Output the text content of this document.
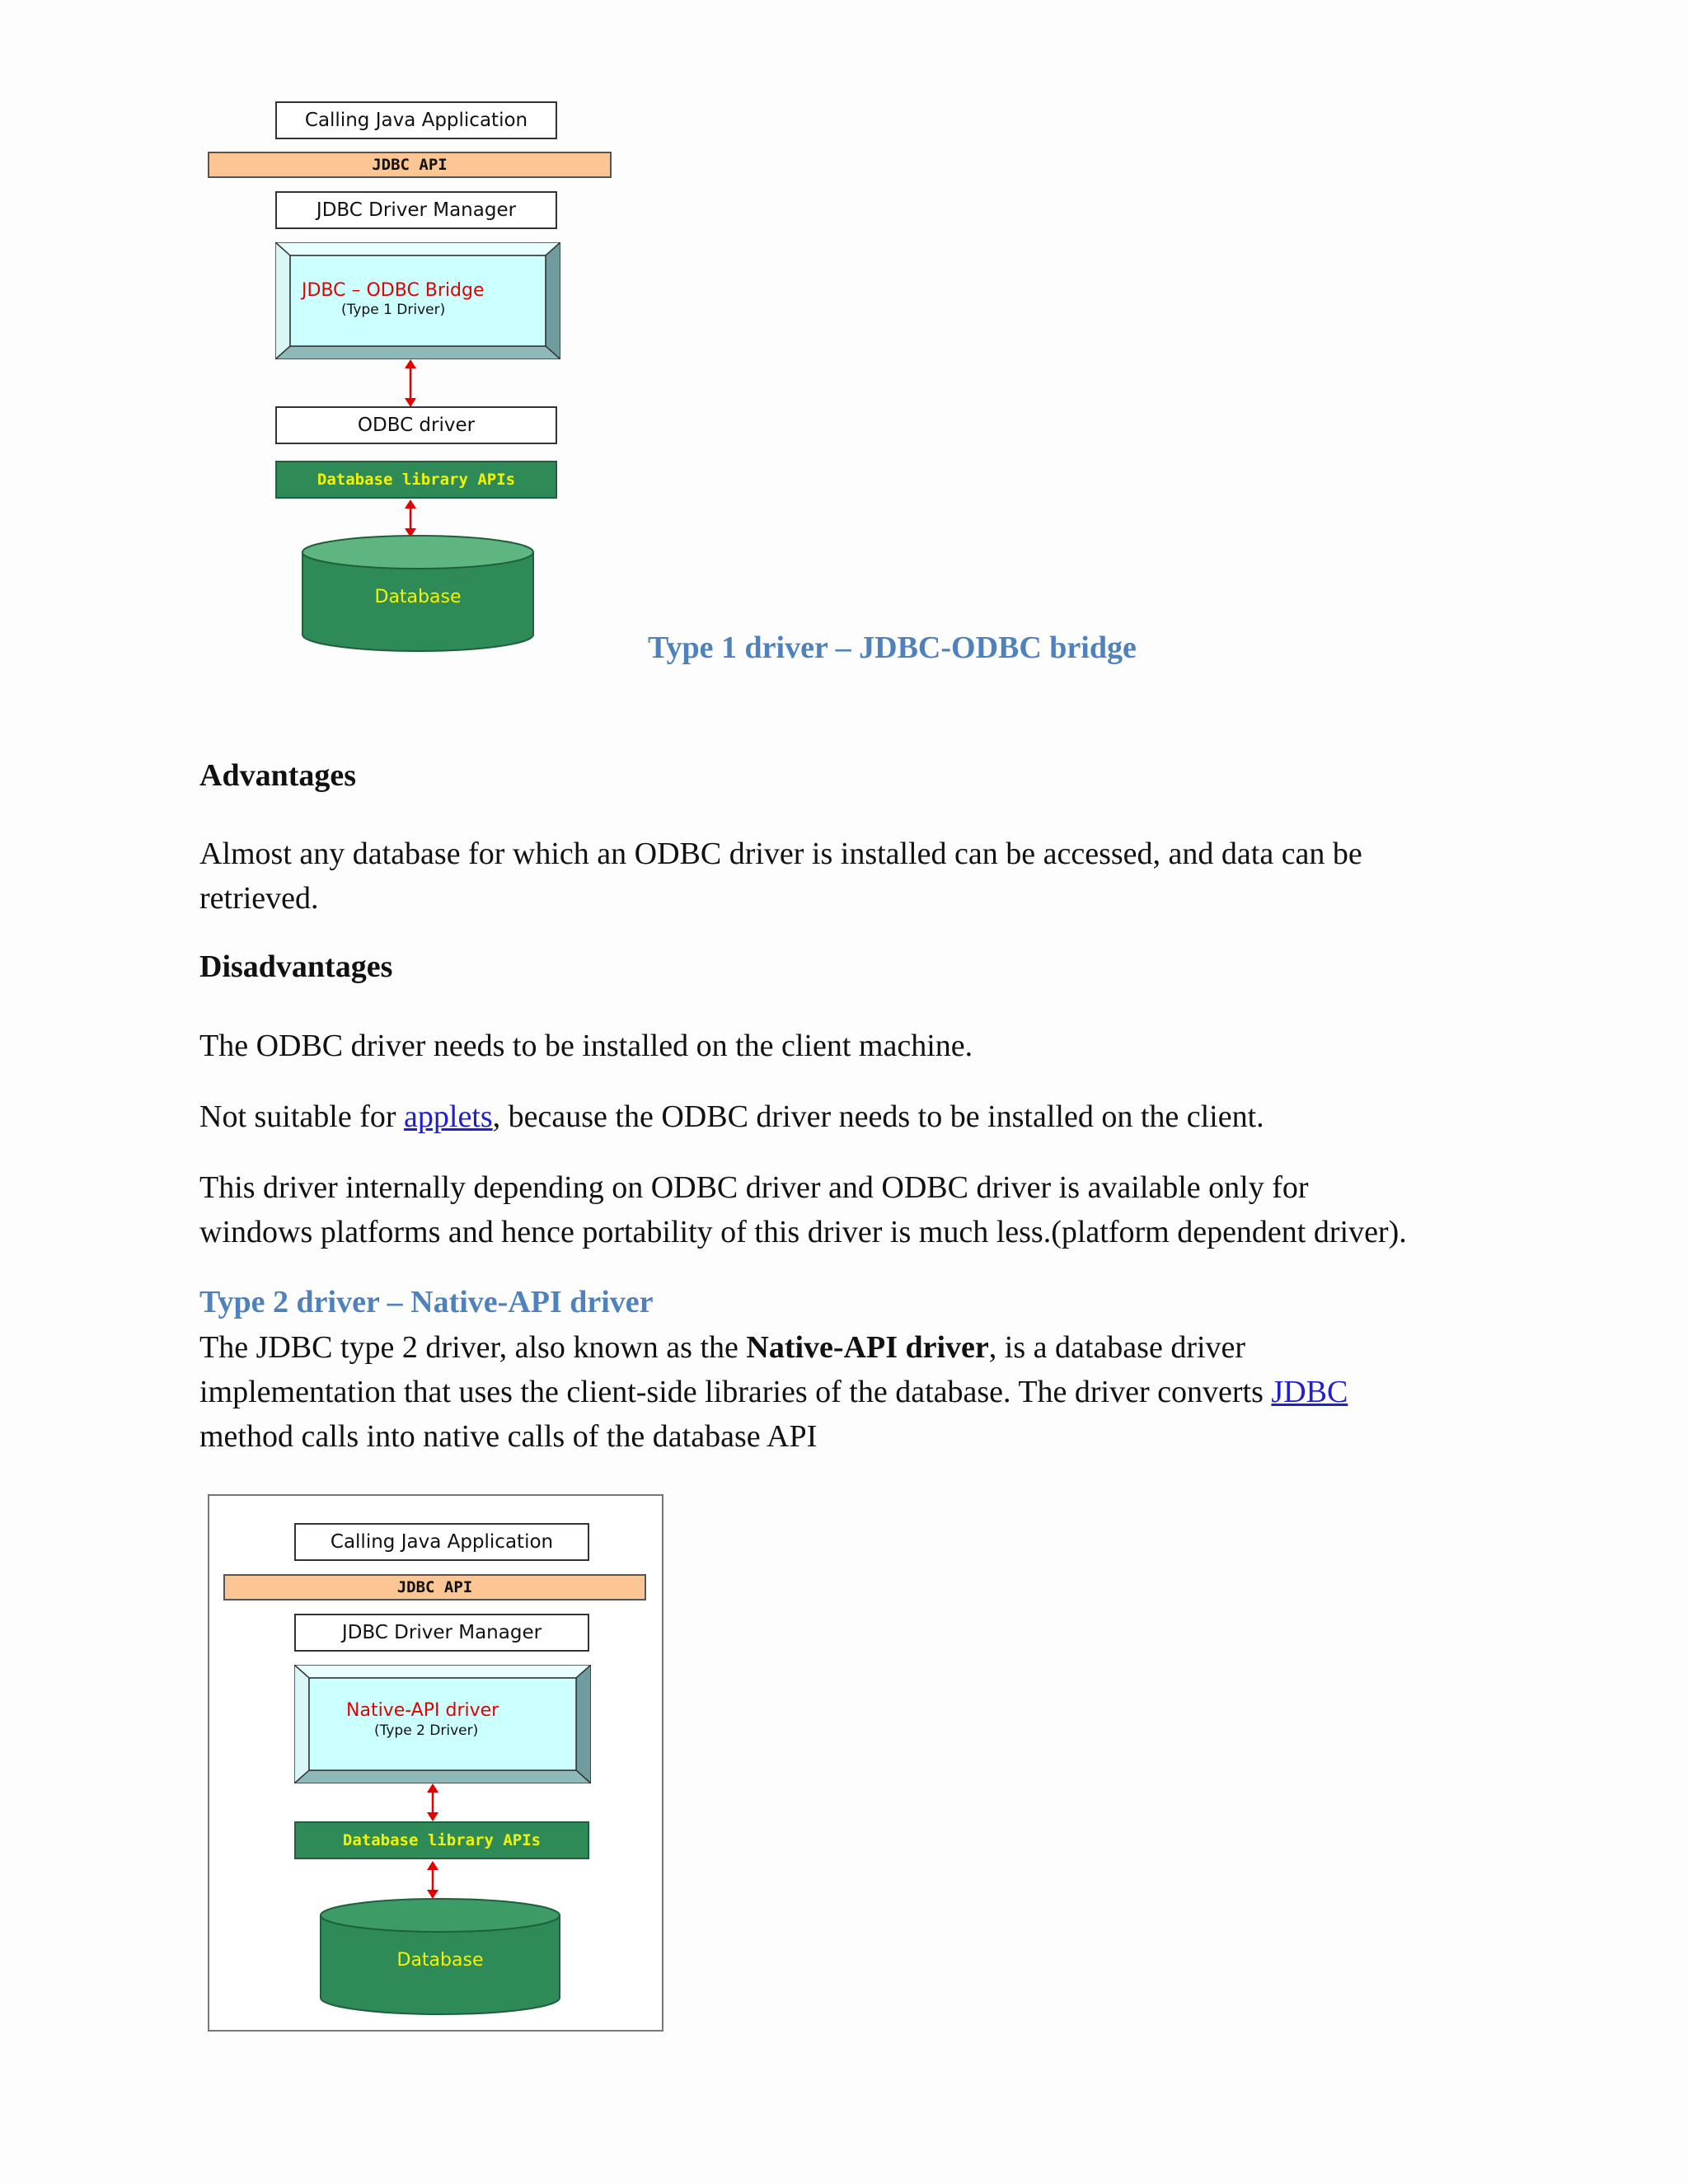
Calling Java Application
JDBC API
JDBC Driver Manager
JDBC – ODBC Bridge
(Type 1 Driver)
ODBC driver
Database library APIs
Database
Type 1 driver – JDBC-ODBC bridge
Advantages
Almost any database for which an ODBC driver is installed can be accessed, and data can be
retrieved.
Disadvantages
The ODBC driver needs to be installed on the client machine.
Not suitable for applets, because the ODBC driver needs to be installed on the client.
This driver internally depending on ODBC driver and ODBC driver is available only for
windows platforms and hence portability of this driver is much less.(platform dependent driver).
Type 2 driver – Native-API driver
The JDBC type 2 driver, also known as the Native-API driver, is a database driver
implementation that uses the client-side libraries of the database. The driver converts JDBC
method calls into native calls of the database API
Calling Java Application
JDBC API
JDBC Driver Manager
Native-API driver
(Type 2 Driver)
Database library APIs
Database
